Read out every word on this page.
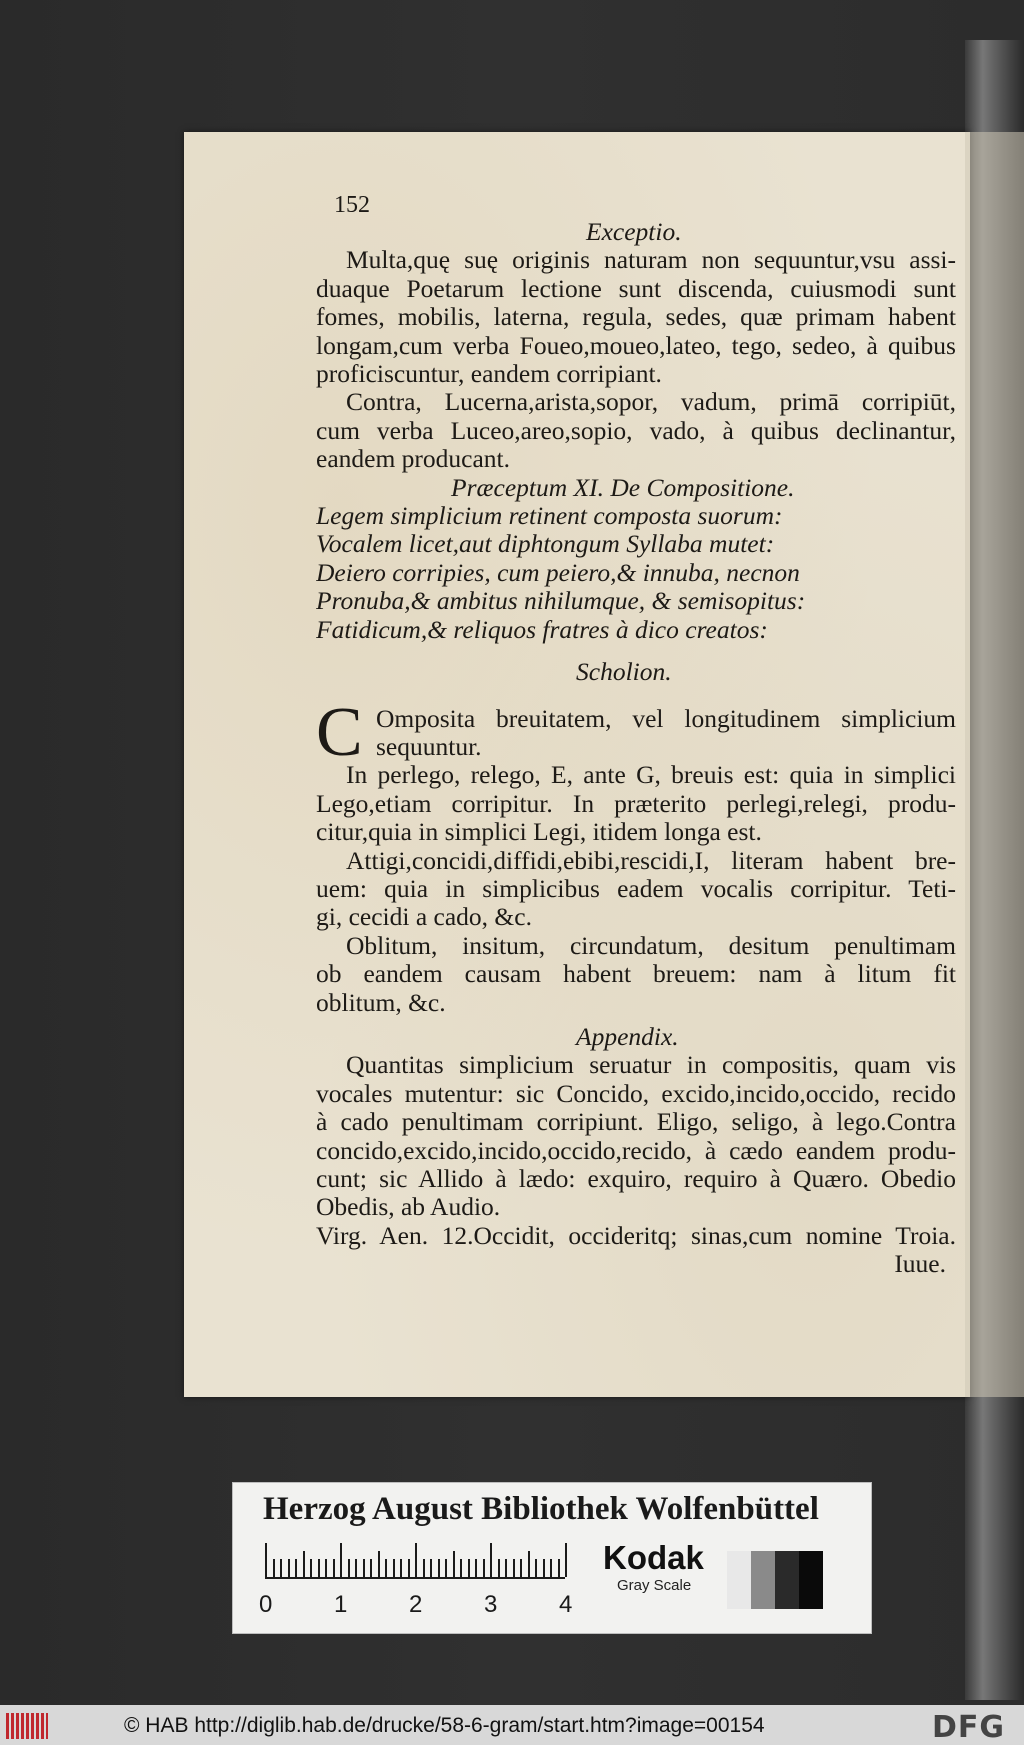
152
Exceptio.
Multa,quę suę originis naturam non sequuntur,vsu assi-
duaque Poetarum lectione sunt discenda, cuiusmodi sunt
fomes, mobilis, laterna, regula, sedes, quæ primam habent
longam,cum verba Foueo,moueo,lateo, tego, sedeo, à quibus
proficiscuntur, eandem corripiant.
Contra, Lucerna,arista,sopor, vadum, primā corripiūt,
cum verba Luceo,areo,sopio, vado, à quibus declinantur,
eandem producant.
Præceptum XI. De Compositione.
Legem simplicium retinent composta suorum:
Vocalem licet,aut diphtongum Syllaba mutet:
Deiero corripies, cum peiero,& innuba, necnon
Pronuba,& ambitus nihilumque, & semisopitus:
Fatidicum,& reliquos fratres à dico creatos:
Scholion.
C Omposita breuitatem, vel longitudinem simplicium
sequuntur.
In perlego, relego, E, ante G, breuis est: quia in simplici
Lego,etiam corripitur. In præterito perlegi,relegi, produ-
citur,quia in simplici Legi, itidem longa est.
Attigi,concidi,diffidi,ebibi,rescidi,I, literam habent bre-
uem: quia in simplicibus eadem vocalis corripitur. Teti-
gi, cecidi a cado, &c.
Oblitum, insitum, circundatum, desitum penultimam
ob eandem causam habent breuem: nam à litum fit
oblitum, &c.
Appendix.
Quantitas simplicium seruatur in compositis, quam vis
vocales mutentur: sic Concido, excido,incido,occido, recido
à cado penultimam corripiunt. Eligo, seligo, à lego.Contra
concido,excido,incido,occido,recido, à cædo eandem produ-
cunt; sic Allido à lædo: exquiro, requiro à Quæro. Obedio
Obedis, ab Audio.
Virg. Aen. 12.Occidit, occideritq; sinas,cum nomine Troia.
Iuue.
Herzog August Bibliothek Wolfenbüttel
0	1	2	3	4
Kodak
Gray Scale
© HAB http://diglib.hab.de/drucke/58-6-gram/start.htm?image=00154	DFG
